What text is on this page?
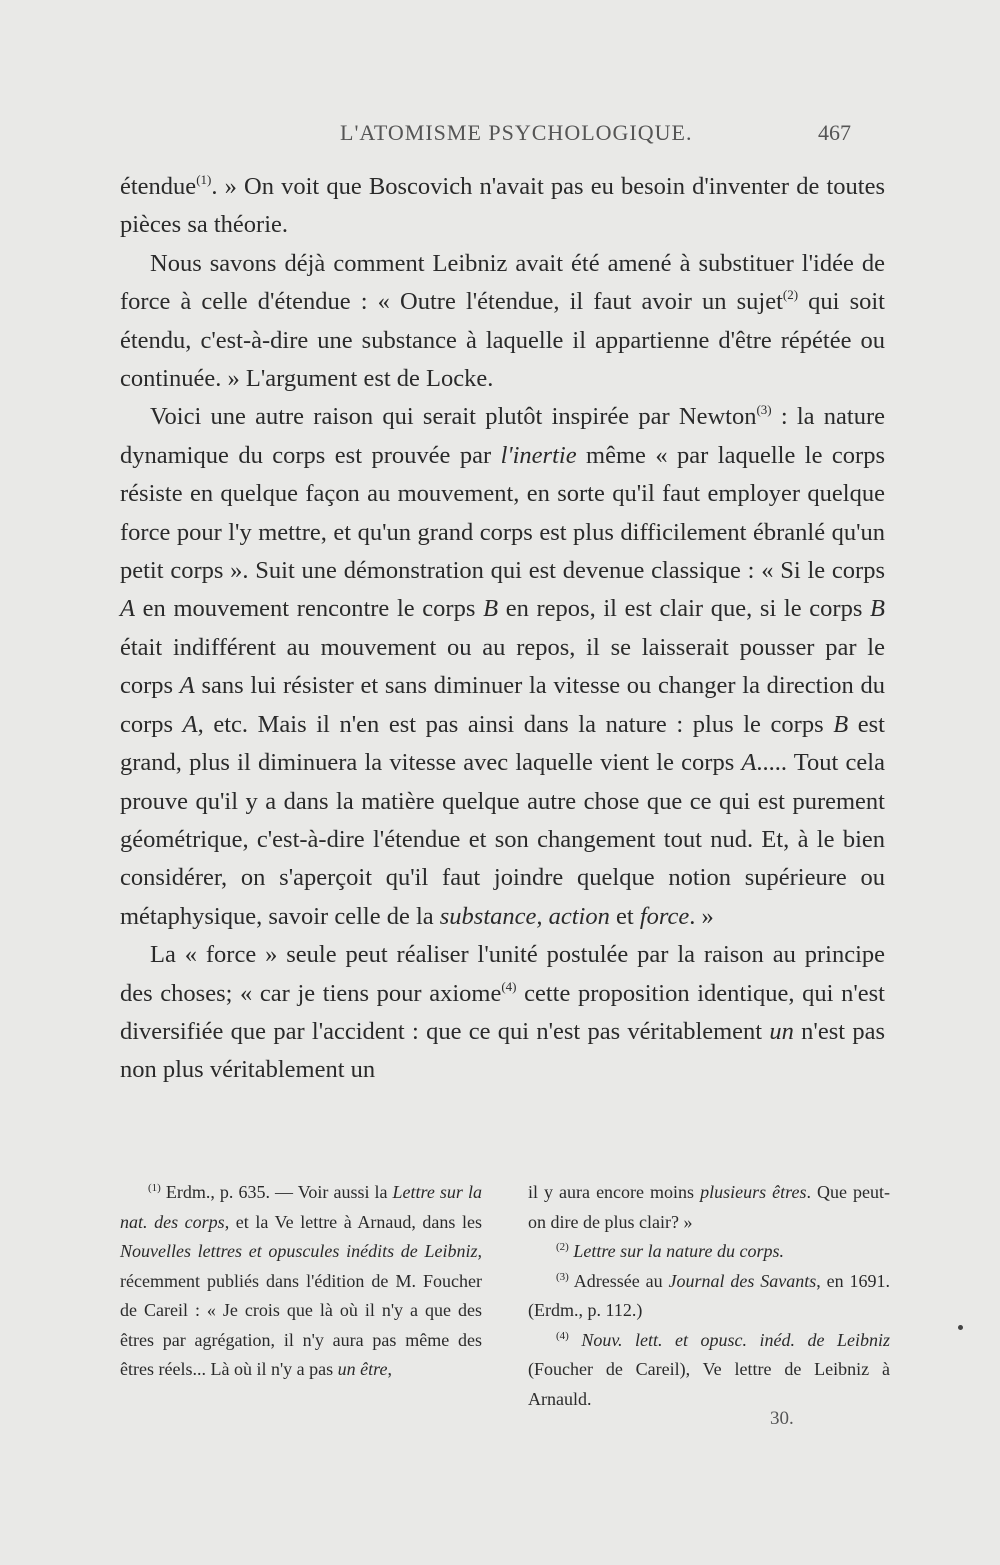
L'ATOMISME PSYCHOLOGIQUE.	467

étendue$^{(1)}$. » On voit que Boscovich n'avait pas eu besoin d'inventer de toutes pièces sa théorie.

Nous savons déjà comment Leibniz avait été amené à substituer l'idée de force à celle d'étendue : « Outre l'étendue, il faut avoir un sujet$^{(2)}$ qui soit étendu, c'est-à-dire une substance à laquelle il appartienne d'être répétée ou continuée. » L'argument est de Locke.

Voici une autre raison qui serait plutôt inspirée par Newton$^{(3)}$ : la nature dynamique du corps est prouvée par l'inertie même « par laquelle le corps résiste en quelque façon au mouvement, en sorte qu'il faut employer quelque force pour l'y mettre, et qu'un grand corps est plus difficilement ébranlé qu'un petit corps ». Suit une démonstration qui est devenue classique : « Si le corps A en mouvement rencontre le corps B en repos, il est clair que, si le corps B était indifférent au mouvement ou au repos, il se laisserait pousser par le corps A sans lui résister et sans diminuer la vitesse ou changer la direction du corps A, etc. Mais il n'en est pas ainsi dans la nature : plus le corps B est grand, plus il diminuera la vitesse avec laquelle vient le corps A..... Tout cela prouve qu'il y a dans la matière quelque autre chose que ce qui est purement géométrique, c'est-à-dire l'étendue et son changement tout nud. Et, à le bien considérer, on s'aperçoit qu'il faut joindre quelque notion supérieure ou métaphysique, savoir celle de la substance, action et force. »

La « force » seule peut réaliser l'unité postulée par la raison au principe des choses; « car je tiens pour axiome$^{(4)}$ cette proposition identique, qui n'est diversifiée que par l'accident : que ce qui n'est pas véritablement un n'est pas non plus véritablement un

$^{(1)}$ Erdm., p. 635. — Voir aussi la Lettre sur la nat. des corps, et la Ve lettre à Arnaud, dans les Nouvelles lettres et opuscules inédits de Leibniz, récemment publiés dans l'édition de M. Foucher de Careil : « Je crois que là où il n'y a que des êtres par agrégation, il n'y aura pas même des êtres réels... Là où il n'y a pas un être,

il y aura encore moins plusieurs êtres. Que peut-on dire de plus clair? »

$^{(2)}$ Lettre sur la nature du corps.

$^{(3)}$ Adressée au Journal des Savants, en 1691. (Erdm., p. 112.)

$^{(4)}$ Nouv. lett. et opusc. inéd. de Leibniz (Foucher de Careil), Ve lettre de Leibniz à Arnauld.

30.
